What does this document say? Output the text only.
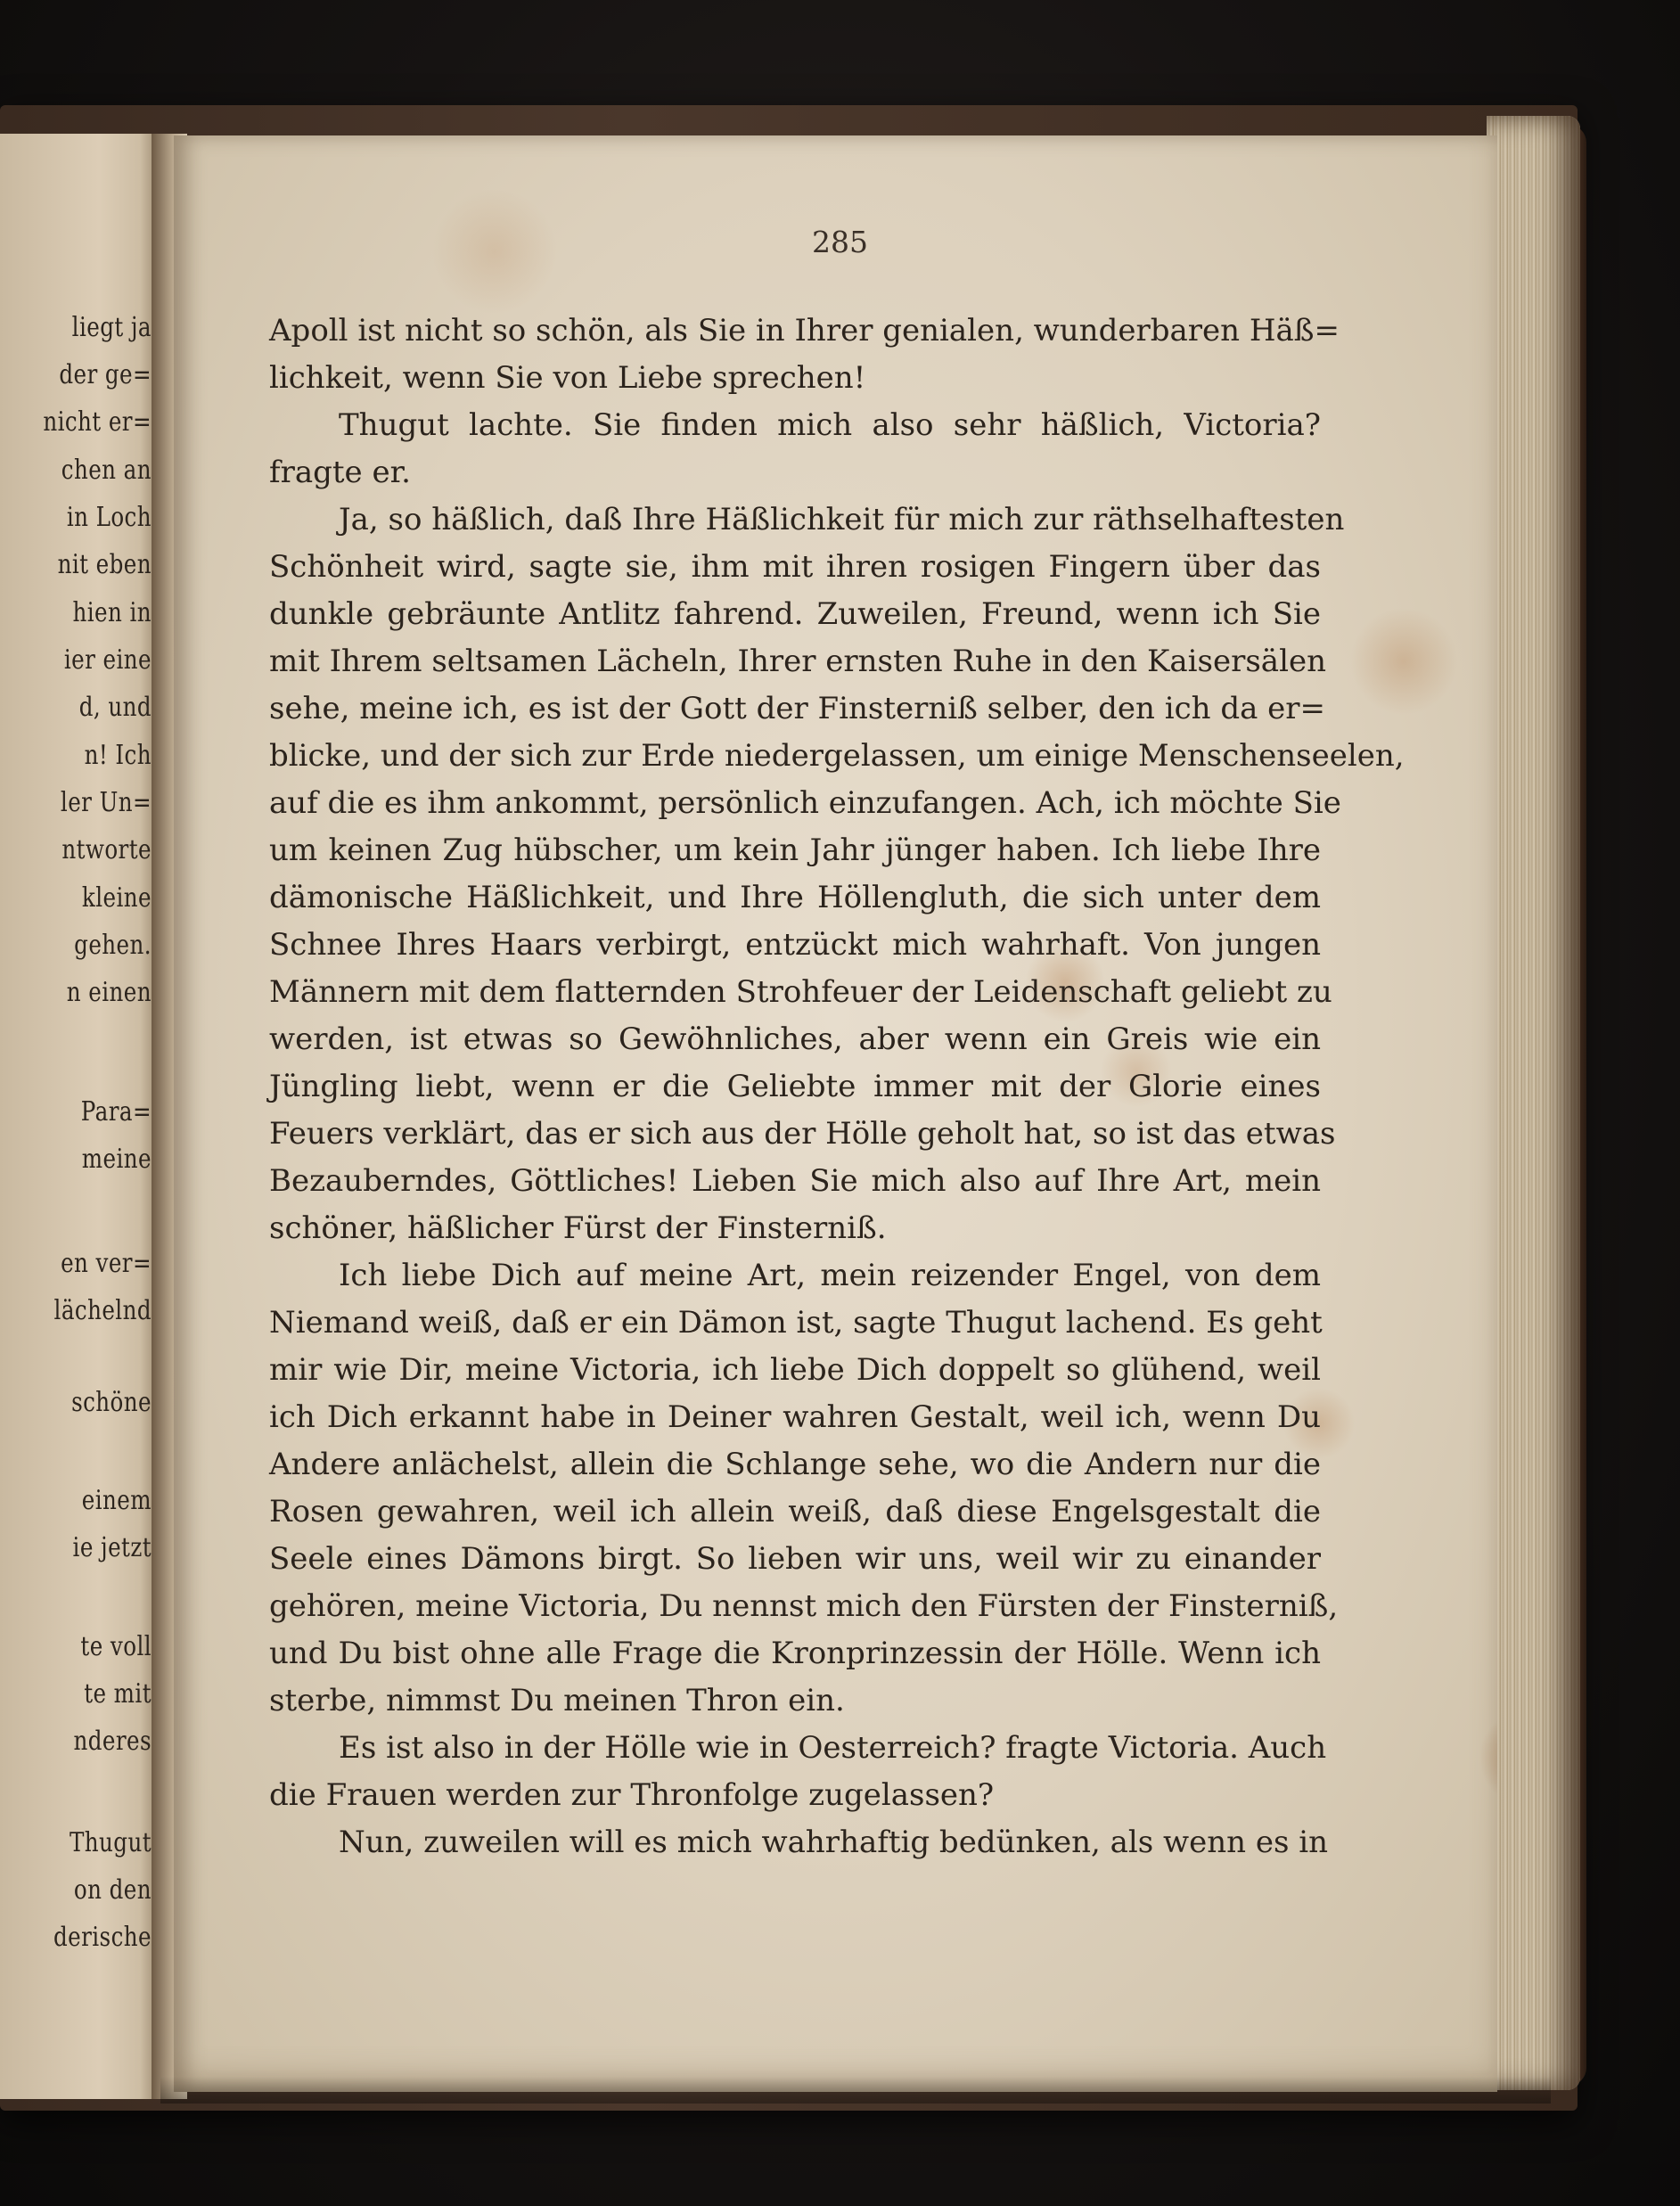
liegt ja
der ge=
nicht er=
chen an
in Loch
nit eben
hien in
ier eine
d, und
n! Ich
ler Un=
ntworte
kleine
gehen.
n einen
Para=
meine
en ver=
lächelnd
schöne
einem
ie jetzt
te voll
te mit
nderes
Thugut
on den
derische
285
Apoll ist nicht so schön, als Sie in Ihrer genialen, wunderbaren Häß=
lichkeit, wenn Sie von Liebe sprechen!
Thugut lachte. Sie finden mich also sehr häßlich, Victoria?
fragte er.
Ja, so häßlich, daß Ihre Häßlichkeit für mich zur räthselhaftesten
Schönheit wird, sagte sie, ihm mit ihren rosigen Fingern über das
dunkle gebräunte Antlitz fahrend. Zuweilen, Freund, wenn ich Sie
mit Ihrem seltsamen Lächeln, Ihrer ernsten Ruhe in den Kaisersälen
sehe, meine ich, es ist der Gott der Finsterniß selber, den ich da er=
blicke, und der sich zur Erde niedergelassen, um einige Menschenseelen,
auf die es ihm ankommt, persönlich einzufangen. Ach, ich möchte Sie
um keinen Zug hübscher, um kein Jahr jünger haben. Ich liebe Ihre
dämonische Häßlichkeit, und Ihre Höllengluth, die sich unter dem
Schnee Ihres Haars verbirgt, entzückt mich wahrhaft. Von jungen
Männern mit dem flatternden Strohfeuer der Leidenschaft geliebt zu
werden, ist etwas so Gewöhnliches, aber wenn ein Greis wie ein
Jüngling liebt, wenn er die Geliebte immer mit der Glorie eines
Feuers verklärt, das er sich aus der Hölle geholt hat, so ist das etwas
Bezauberndes, Göttliches! Lieben Sie mich also auf Ihre Art, mein
schöner, häßlicher Fürst der Finsterniß.
Ich liebe Dich auf meine Art, mein reizender Engel, von dem
Niemand weiß, daß er ein Dämon ist, sagte Thugut lachend. Es geht
mir wie Dir, meine Victoria, ich liebe Dich doppelt so glühend, weil
ich Dich erkannt habe in Deiner wahren Gestalt, weil ich, wenn Du
Andere anlächelst, allein die Schlange sehe, wo die Andern nur die
Rosen gewahren, weil ich allein weiß, daß diese Engelsgestalt die
Seele eines Dämons birgt. So lieben wir uns, weil wir zu einander
gehören, meine Victoria, Du nennst mich den Fürsten der Finsterniß,
und Du bist ohne alle Frage die Kronprinzessin der Hölle. Wenn ich
sterbe, nimmst Du meinen Thron ein.
Es ist also in der Hölle wie in Oesterreich? fragte Victoria. Auch
die Frauen werden zur Thronfolge zugelassen?
Nun, zuweilen will es mich wahrhaftig bedünken, als wenn es in
